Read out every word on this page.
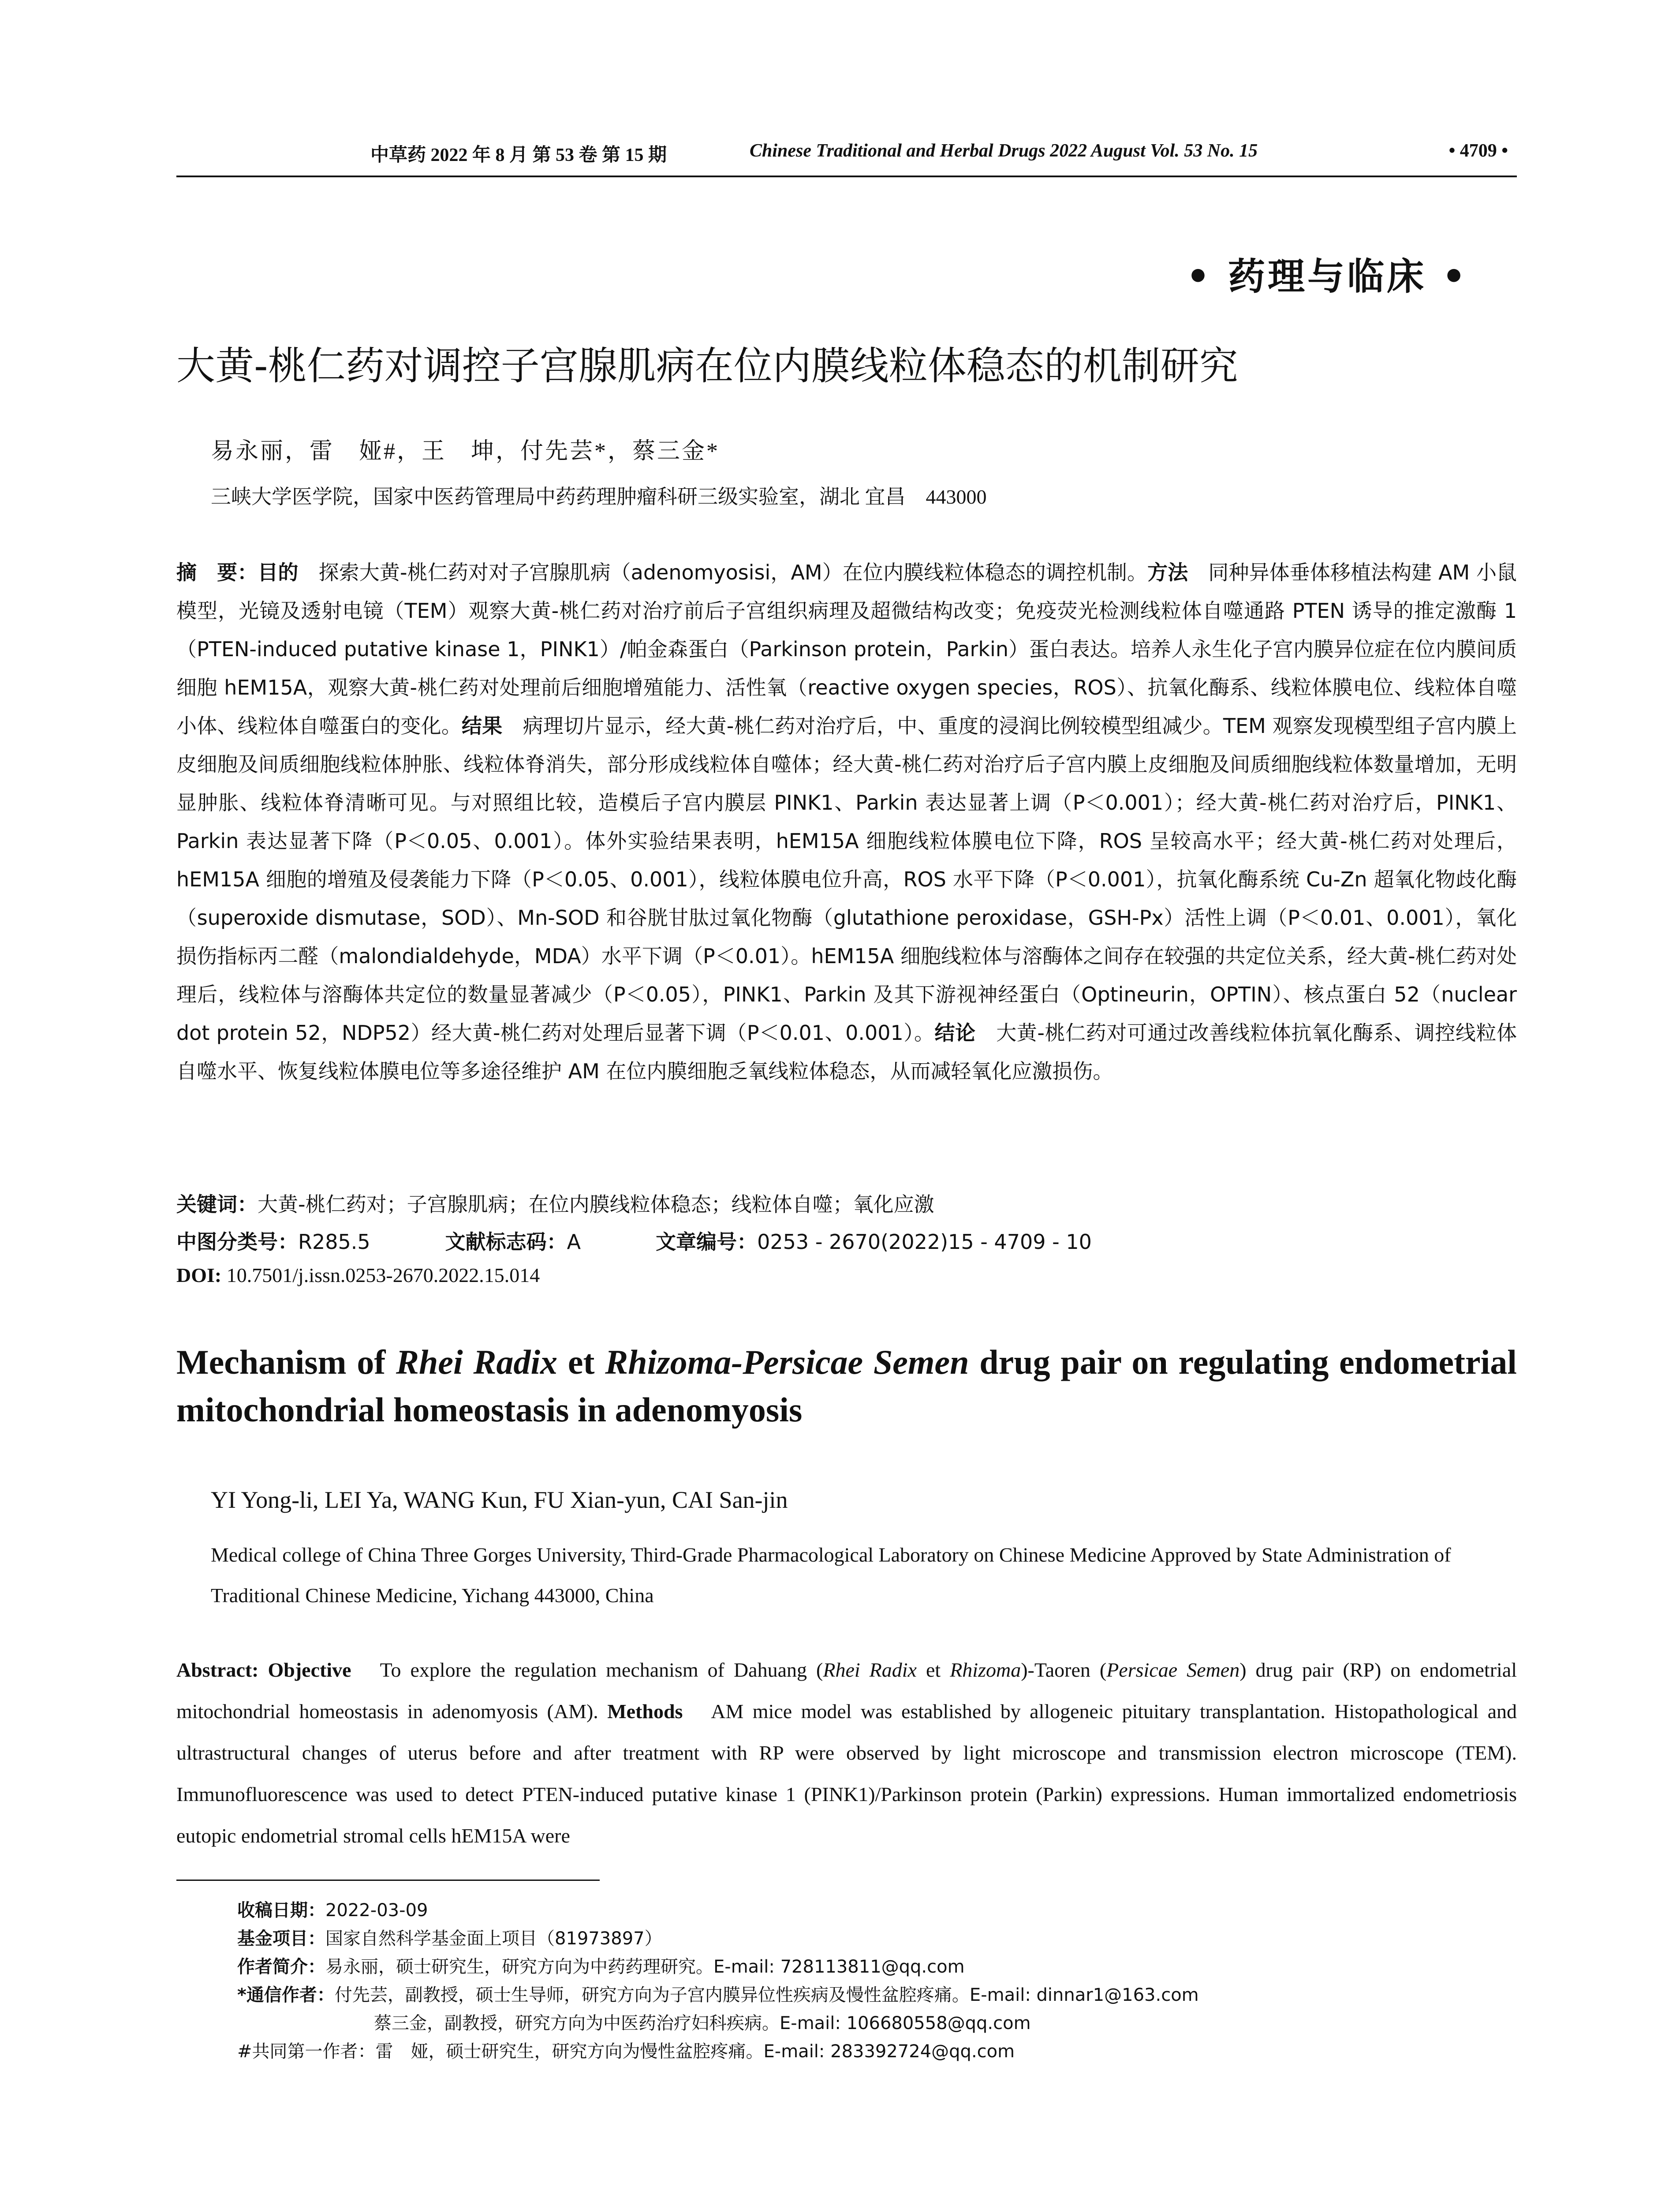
中草药 2022 年 8 月 第 53 卷 第 15 期	Chinese Traditional and Herbal Drugs 2022 August Vol. 53 No. 15	• 4709 •
• 药理与临床 •
大黄-桃仁药对调控子宫腺肌病在位内膜线粒体稳态的机制研究
易永丽，雷　娅#，王　坤，付先芸*，蔡三金*
三峡大学医学院，国家中医药管理局中药药理肿瘤科研三级实验室，湖北 宜昌　443000
摘　要：目的　探索大黄-桃仁药对对子宫腺肌病（adenomyosisi，AM）在位内膜线粒体稳态的调控机制。方法　同种异体垂体移植法构建 AM 小鼠模型，光镜及透射电镜（TEM）观察大黄-桃仁药对治疗前后子宫组织病理及超微结构改变；免疫荧光检测线粒体自噬通路 PTEN 诱导的推定激酶 1（PTEN-induced putative kinase 1，PINK1）/帕金森蛋白（Parkinson protein，Parkin）蛋白表达。培养人永生化子宫内膜异位症在位内膜间质细胞 hEM15A，观察大黄-桃仁药对处理前后细胞增殖能力、活性氧（reactive oxygen species，ROS）、抗氧化酶系、线粒体膜电位、线粒体自噬小体、线粒体自噬蛋白的变化。结果　病理切片显示，经大黄-桃仁药对治疗后，中、重度的浸润比例较模型组减少。TEM 观察发现模型组子宫内膜上皮细胞及间质细胞线粒体肿胀、线粒体脊消失，部分形成线粒体自噬体；经大黄-桃仁药对治疗后子宫内膜上皮细胞及间质细胞线粒体数量增加，无明显肿胀、线粒体脊清晰可见。与对照组比较，造模后子宫内膜层 PINK1、Parkin 表达显著上调（P＜0.001）；经大黄-桃仁药对治疗后，PINK1、Parkin 表达显著下降（P＜0.05、0.001）。体外实验结果表明，hEM15A 细胞线粒体膜电位下降，ROS 呈较高水平；经大黄-桃仁药对处理后，hEM15A 细胞的增殖及侵袭能力下降（P＜0.05、0.001），线粒体膜电位升高，ROS 水平下降（P＜0.001），抗氧化酶系统 Cu-Zn 超氧化物歧化酶（superoxide dismutase，SOD）、Mn-SOD 和谷胱甘肽过氧化物酶（glutathione peroxidase，GSH-Px）活性上调（P＜0.01、0.001），氧化损伤指标丙二醛（malondialdehyde，MDA）水平下调（P＜0.01）。hEM15A 细胞线粒体与溶酶体之间存在较强的共定位关系，经大黄-桃仁药对处理后，线粒体与溶酶体共定位的数量显著减少（P＜0.05），PINK1、Parkin 及其下游视神经蛋白（Optineurin，OPTIN）、核点蛋白 52（nuclear dot protein 52，NDP52）经大黄-桃仁药对处理后显著下调（P＜0.01、0.001）。结论　大黄-桃仁药对可通过改善线粒体抗氧化酶系、调控线粒体自噬水平、恢复线粒体膜电位等多途径维护 AM 在位内膜细胞乏氧线粒体稳态，从而减轻氧化应激损伤。
关键词：大黄-桃仁药对；子宫腺肌病；在位内膜线粒体稳态；线粒体自噬；氧化应激
中图分类号：R285.5	文献标志码：A	文章编号：0253 - 2670(2022)15 - 4709 - 10
DOI: 10.7501/j.issn.0253-2670.2022.15.014
Mechanism of Rhei Radix et Rhizoma-Persicae Semen drug pair on regulating endometrial mitochondrial homeostasis in adenomyosis
YI Yong-li, LEI Ya, WANG Kun, FU Xian-yun, CAI San-jin
Medical college of China Three Gorges University, Third-Grade Pharmacological Laboratory on Chinese Medicine Approved by State Administration of Traditional Chinese Medicine, Yichang 443000, China
Abstract: Objective　To explore the regulation mechanism of Dahuang (Rhei Radix et Rhizoma)-Taoren (Persicae Semen) drug pair (RP) on endometrial mitochondrial homeostasis in adenomyosis (AM). Methods　AM mice model was established by allogeneic pituitary transplantation. Histopathological and ultrastructural changes of uterus before and after treatment with RP were observed by light microscope and transmission electron microscope (TEM). Immunofluorescence was used to detect PTEN-induced putative kinase 1 (PINK1)/Parkinson protein (Parkin) expressions. Human immortalized endometriosis eutopic endometrial stromal cells hEM15A were
收稿日期：2022-03-09
基金项目：国家自然科学基金面上项目（81973897）
作者简介：易永丽，硕士研究生，研究方向为中药药理研究。E-mail: 728113811@qq.com
*通信作者：付先芸，副教授，硕士生导师，研究方向为子宫内膜异位性疾病及慢性盆腔疼痛。E-mail: dinnar1@163.com
蔡三金，副教授，研究方向为中医药治疗妇科疾病。E-mail: 106680558@qq.com
#共同第一作者：雷　娅，硕士研究生，研究方向为慢性盆腔疼痛。E-mail: 283392724@qq.com
